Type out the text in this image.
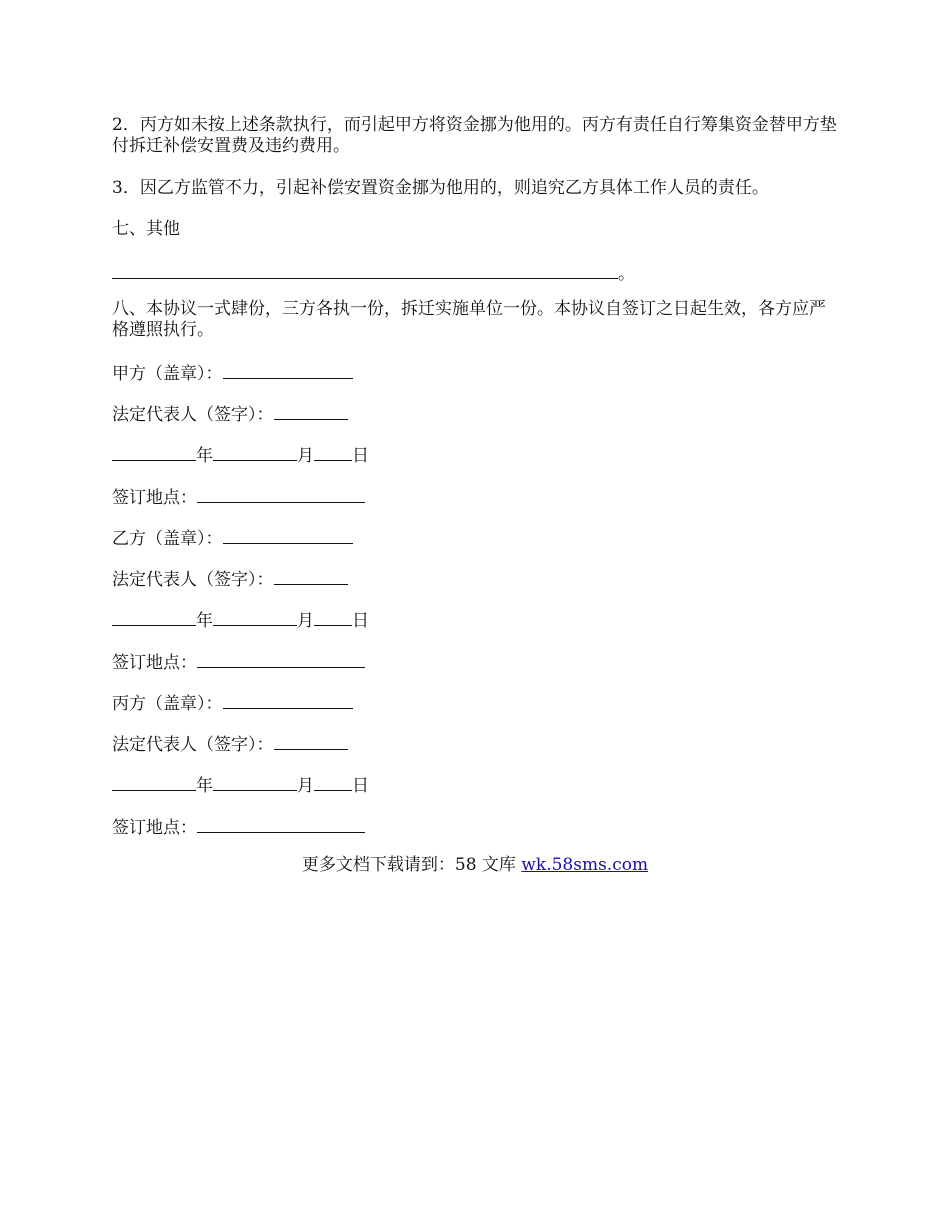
2．丙方如未按上述条款执行，而引起甲方将资金挪为他用的。丙方有责任自行筹集资金替甲方垫付拆迁补偿安置费及违约费用。

3．因乙方监管不力，引起补偿安置资金挪为他用的，则追究乙方具体工作人员的责任。

七、其他

。

八、本协议一式肆份，三方各执一份，拆迁实施单位一份。本协议自签订之日起生效，各方应严格遵照执行。

甲方（盖章）：
法定代表人（签字）：
年	月 日
签订地点：
乙方（盖章）：
法定代表人（签字）：
年	月 日
签订地点：
丙方（盖章）：
法定代表人（签字）：
年	月 日
签订地点：
更多文档下载请到：58 文库 wk.58sms.com
